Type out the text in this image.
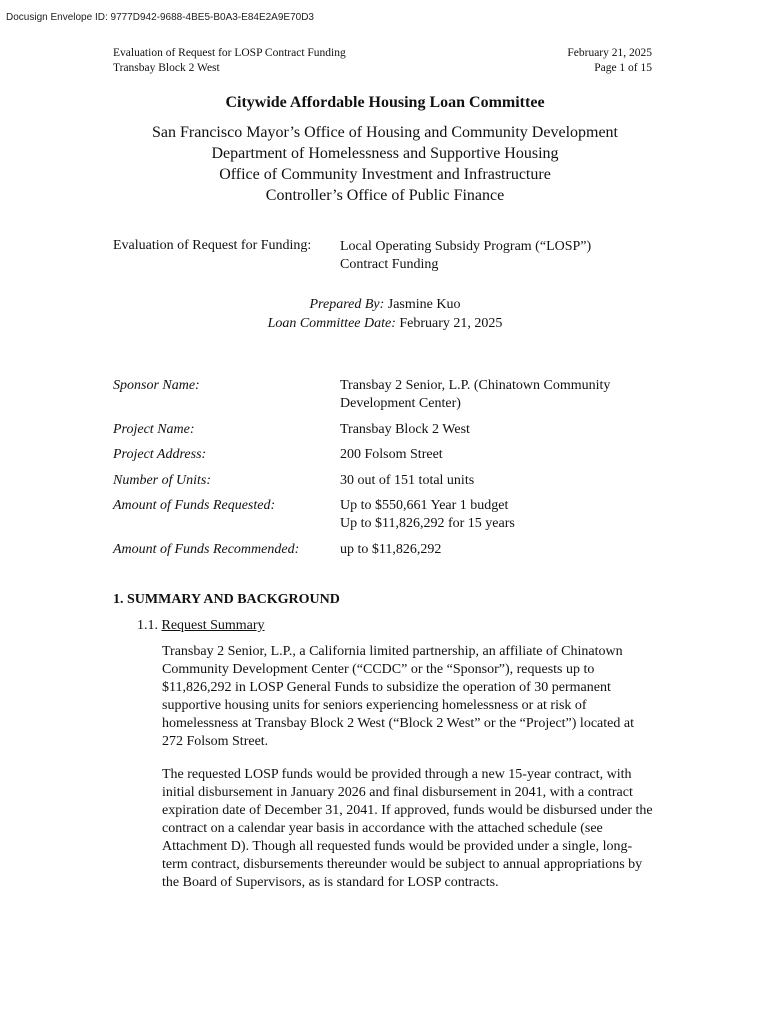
Docusign Envelope ID: 9777D942-9688-4BE5-B0A3-E84E2A9E70D3
Evaluation of Request for LOSP Contract Funding
Transbay Block 2 West
February 21, 2025
Page 1 of 15
Citywide Affordable Housing Loan Committee
San Francisco Mayor’s Office of Housing and Community Development
Department of Homelessness and Supportive Housing
Office of Community Investment and Infrastructure
Controller’s Office of Public Finance
Evaluation of Request for Funding: Local Operating Subsidy Program (“LOSP”)
Contract Funding
Prepared By: Jasmine Kuo
Loan Committee Date: February 21, 2025
Sponsor Name:	Transbay 2 Senior, L.P. (Chinatown Community Development Center)
Project Name:	Transbay Block 2 West
Project Address:	200 Folsom Street
Number of Units:	30 out of 151 total units
Amount of Funds Requested:	Up to $550,661 Year 1 budget
Up to $11,826,292 for 15 years
Amount of Funds Recommended:	up to $11,826,292
1. SUMMARY AND BACKGROUND
1.1. Request Summary
Transbay 2 Senior, L.P., a California limited partnership, an affiliate of Chinatown Community Development Center (“CCDC” or the “Sponsor”), requests up to $11,826,292 in LOSP General Funds to subsidize the operation of 30 permanent supportive housing units for seniors experiencing homelessness or at risk of homelessness at Transbay Block 2 West (“Block 2 West” or the “Project”) located at 272 Folsom Street.
The requested LOSP funds would be provided through a new 15-year contract, with initial disbursement in January 2026 and final disbursement in 2041, with a contract expiration date of December 31, 2041. If approved, funds would be disbursed under the contract on a calendar year basis in accordance with the attached schedule (see Attachment D). Though all requested funds would be provided under a single, long-term contract, disbursements thereunder would be subject to annual appropriations by the Board of Supervisors, as is standard for LOSP contracts.
